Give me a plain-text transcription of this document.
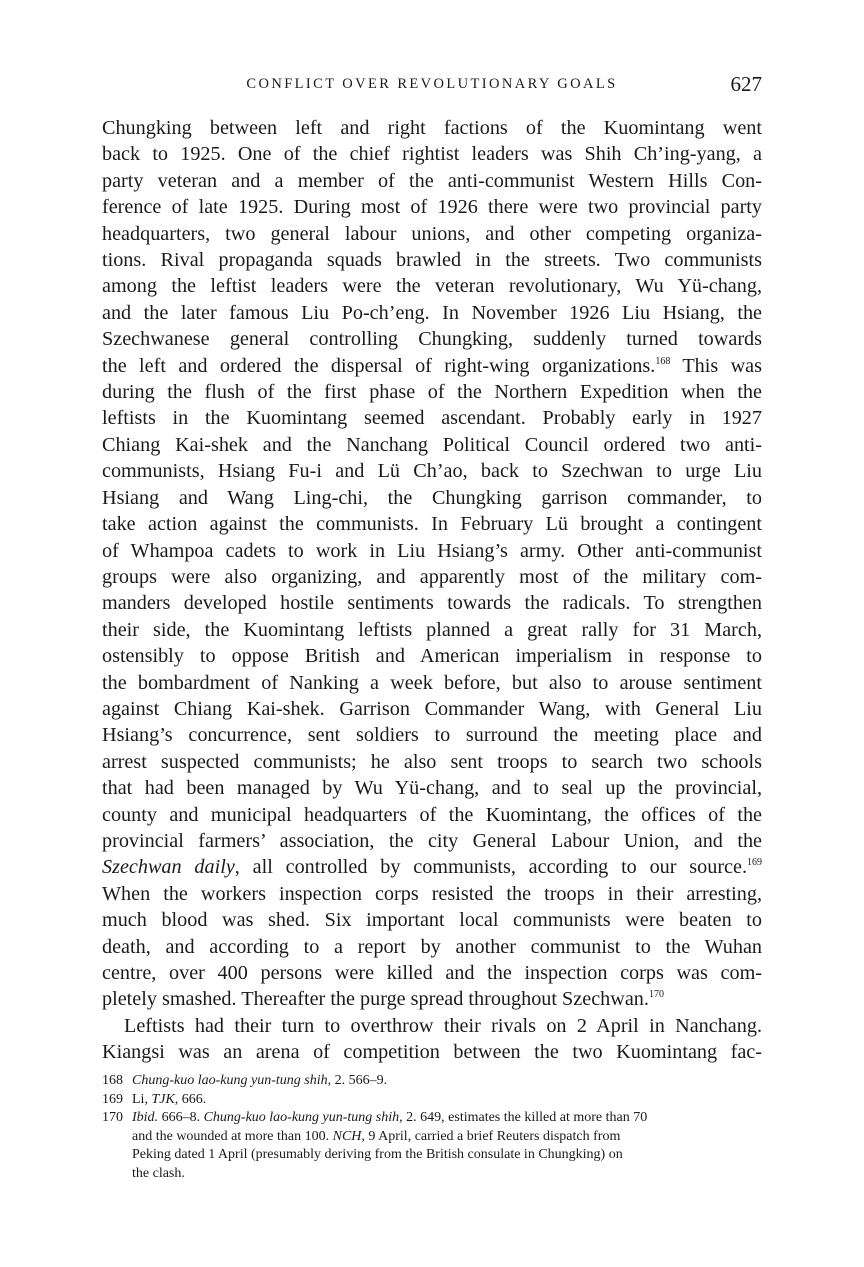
CONFLICT OVER REVOLUTIONARY GOALS	627

Chungking between left and right factions of the Kuomintang went
back to 1925. One of the chief rightist leaders was Shih Ch’ing-yang, a
party veteran and a member of the anti-communist Western Hills Con-
ference of late 1925. During most of 1926 there were two provincial party
headquarters, two general labour unions, and other competing organiza-
tions. Rival propaganda squads brawled in the streets. Two communists
among the leftist leaders were the veteran revolutionary, Wu Yü-chang,
and the later famous Liu Po-ch’eng. In November 1926 Liu Hsiang, the
Szechwanese general controlling Chungking, suddenly turned towards
the left and ordered the dispersal of right-wing organizations.$^{168}$ This was
during the flush of the first phase of the Northern Expedition when the
leftists in the Kuomintang seemed ascendant. Probably early in 1927
Chiang Kai-shek and the Nanchang Political Council ordered two anti-
communists, Hsiang Fu-i and Lü Ch’ao, back to Szechwan to urge Liu
Hsiang and Wang Ling-chi, the Chungking garrison commander, to
take action against the communists. In February Lü brought a contingent
of Whampoa cadets to work in Liu Hsiang’s army. Other anti-communist
groups were also organizing, and apparently most of the military com-
manders developed hostile sentiments towards the radicals. To strengthen
their side, the Kuomintang leftists planned a great rally for 31 March,
ostensibly to oppose British and American imperialism in response to
the bombardment of Nanking a week before, but also to arouse sentiment
against Chiang Kai-shek. Garrison Commander Wang, with General Liu
Hsiang’s concurrence, sent soldiers to surround the meeting place and
arrest suspected communists; he also sent troops to search two schools
that had been managed by Wu Yü-chang, and to seal up the provincial,
county and municipal headquarters of the Kuomintang, the offices of the
provincial farmers’ association, the city General Labour Union, and the
Szechwan daily, all controlled by communists, according to our source.$^{169}$
When the workers inspection corps resisted the troops in their arresting,
much blood was shed. Six important local communists were beaten to
death, and according to a report by another communist to the Wuhan
centre, over 400 persons were killed and the inspection corps was com-
pletely smashed. Thereafter the purge spread throughout Szechwan.$^{170}$

Leftists had their turn to overthrow their rivals on 2 April in Nanchang.
Kiangsi was an arena of competition between the two Kuomintang fac-

168 Chung-kuo lao-kung yun-tung shih, 2. 566–9.
169 Li, TJK, 666.
170 Ibid. 666–8. Chung-kuo lao-kung yun-tung shih, 2. 649, estimates the killed at more than 70
and the wounded at more than 100. NCH, 9 April, carried a brief Reuters dispatch from
Peking dated 1 April (presumably deriving from the British consulate in Chungking) on
the clash.
